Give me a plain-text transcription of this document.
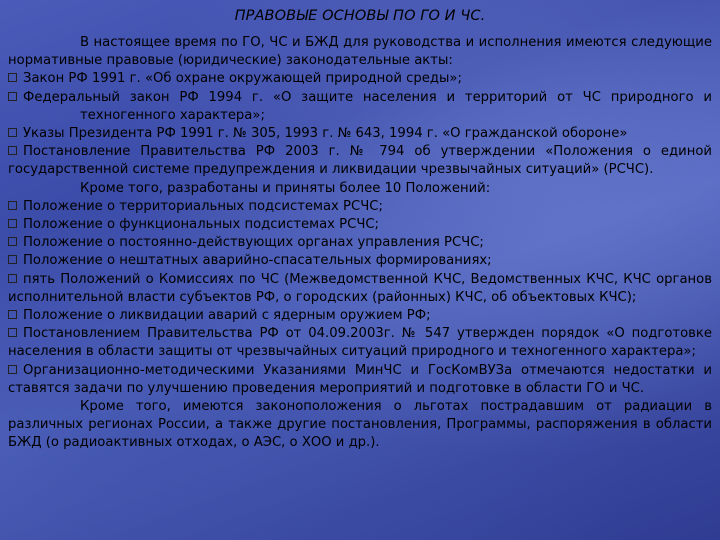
ПРАВОВЫЕ ОСНОВЫ ПО ГО И ЧС.

В настоящее время по ГО, ЧС и БЖД для руководства и исполнения имеются следующие нормативные правовые (юридические) законодательные акты:

Закон РФ 1991 г. «Об охране окружающей природной среды»;

Федеральный закон РФ 1994 г. «О защите населения и территорий от ЧС природного и техногенного характера»;

Указы Президента РФ 1991 г. № 305, 1993 г. № 643, 1994 г. «О гражданской обороне»

Постановление Правительства РФ 2003 г. № 794 об утверждении «Положения о единой государственной системе предупреждения и ликвидации чрезвычайных ситуаций» (РСЧС).

Кроме того, разработаны и приняты более 10 Положений:

Положение о территориальных подсистемах РСЧС;

Положение о функциональных подсистемах РСЧС;

Положение о постоянно-действующих органах управления РСЧС;

Положение о нештатных аварийно-спасательных формированиях;

пять Положений о Комиссиях по ЧС (Межведомственной КЧС, Ведомственных КЧС, КЧС органов исполнительной власти субъектов РФ, о городских (районных) КЧС, об объектовых КЧС);

Положение о ликвидации аварий с ядерным оружием РФ;

Постановлением Правительства РФ от 04.09.2003г. № 547 утвержден порядок «О подготовке населения в области защиты от чрезвычайных ситуаций природного и техногенного характера»;

Организационно-методическими Указаниями МинЧС и ГосКомВУЗа отмечаются недостатки и ставятся задачи по улучшению проведения мероприятий и подготовке в области ГО и ЧС.

Кроме того, имеются законоположения о льготах пострадавшим от радиации в различных регионах России, а также другие постановления, Программы, распоряжения в области БЖД (о радиоактивных отходах, о АЭС, о ХОО и др.).
